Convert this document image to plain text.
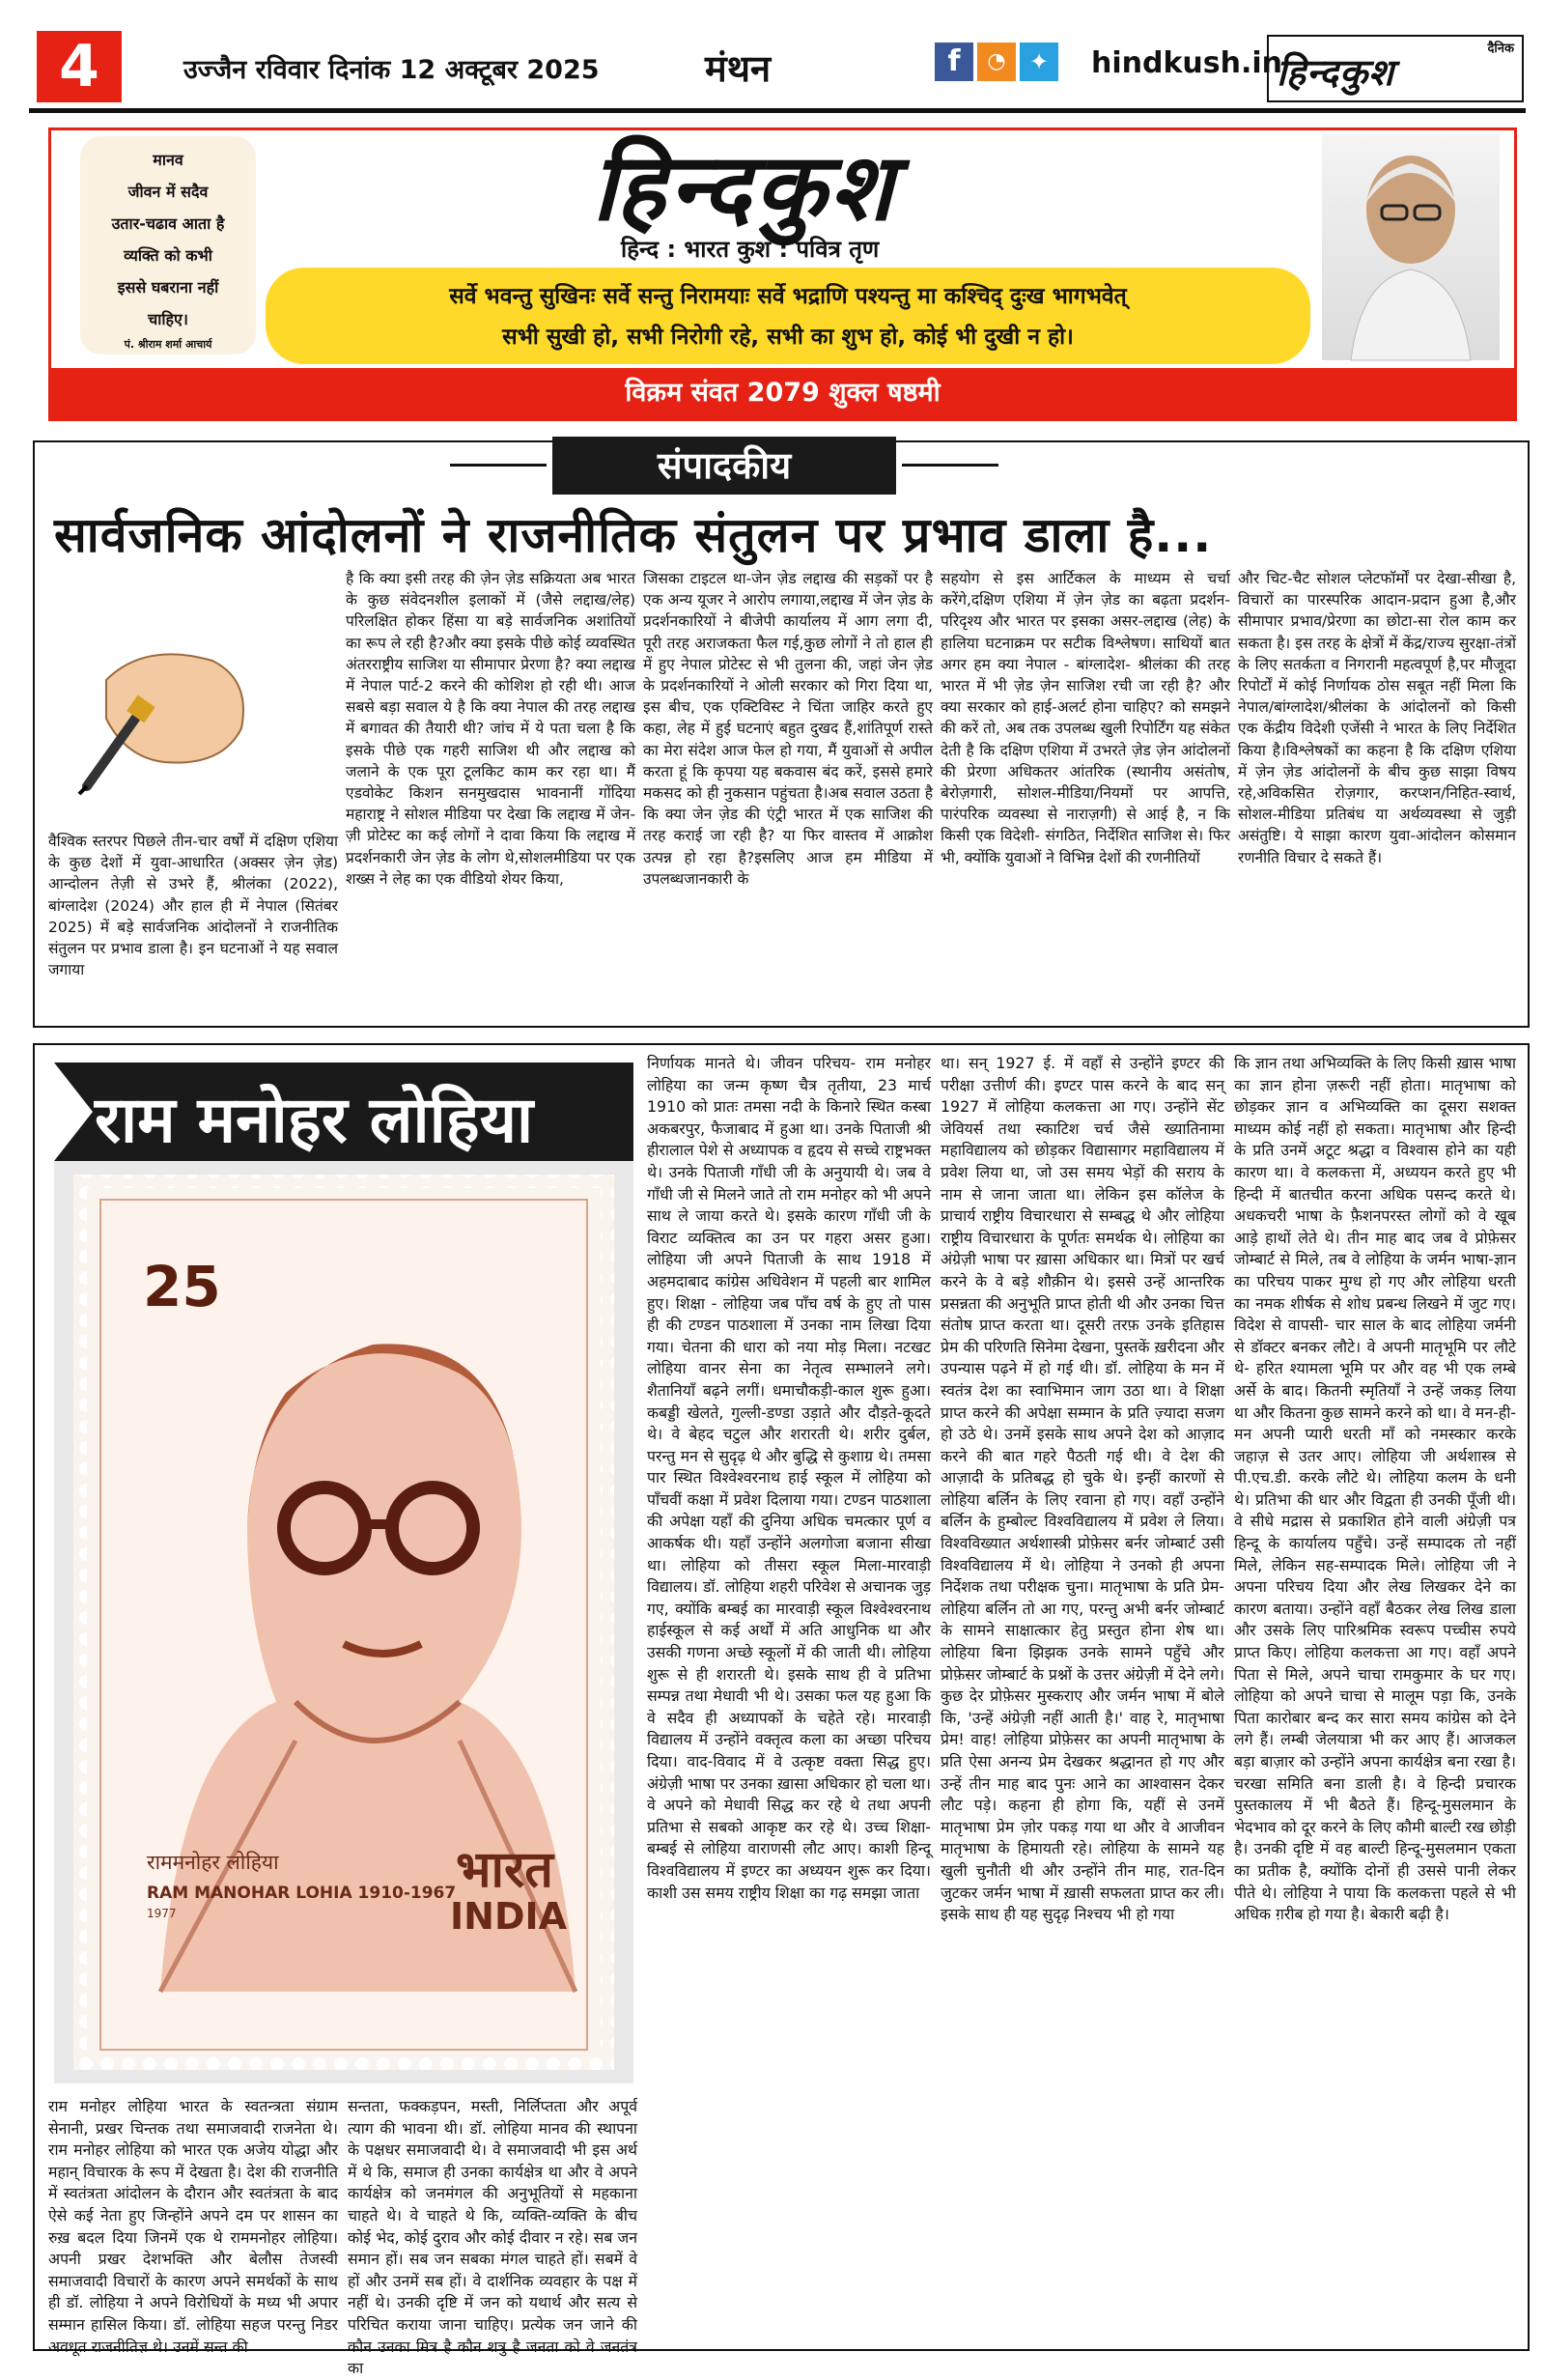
4	उज्जैन रविवार दिनांक 12 अक्टूबर 2025	मंथन	f	◔	✦	hindkush.in	दैनिक
हिन्दकुश
मानव
जीवन में सदैव
उतार-चढाव आता है
व्यक्ति को कभी
इससे घबराना नहीं
चाहिए।
पं. श्रीराम शर्मा आचार्य
हिन्दकुश
हिन्द : भारत कुश : पवित्र तृण
सर्वे भवन्तु सुखिनः सर्वे सन्तु निरामयाः सर्वे भद्राणि पश्यन्तु मा कश्चिद् दुःख भागभवेत्
सभी सुखी हो, सभी निरोगी रहे, सभी का शुभ हो, कोई भी दुखी न हो।
विक्रम संवत 2079 शुक्ल षष्ठमी
संपादकीय
सार्वजनिक आंदोलनों ने राजनीतिक संतुलन पर प्रभाव डाला है...
वैश्विक स्तरपर पिछले तीन-चार वर्षों में दक्षिण एशिया के कुछ देशों में युवा-आधारित (अक्सर ज़ेन ज़ेड) आन्दोलन तेज़ी से उभरे हैं, श्रीलंका (2022), बांग्लादेश (2024) और हाल ही में नेपाल (सितंबर 2025) में बड़े सार्वजनिक आंदोलनों ने राजनीतिक संतुलन पर प्रभाव डाला है। इन घटनाओं ने यह सवाल जगाया
है कि क्या इसी तरह की ज़ेन ज़ेड सक्रियता अब भारत के कुछ संवेदनशील इलाकों में (जैसे लद्दाख/लेह) परिलक्षित होकर हिंसा या बड़े सार्वजनिक अशांतियों का रूप ले रही है?और क्या इसके पीछे कोई व्यवस्थित अंतरराष्ट्रीय साजिश या सीमापार प्रेरणा है? क्या लद्दाख में नेपाल पार्ट-2 करने की कोशिश हो रही थी। आज सबसे बड़ा सवाल ये है कि क्या नेपाल की तरह लद्दाख में बगावत की तैयारी थी? जांच में ये पता चला है कि इसके पीछे एक गहरी साजिश थी और लद्दाख को जलाने के एक पूरा टूलकिट काम कर रहा था। मैं एडवोकेट किशन सनमुखदास भावनानीं गोंदिया महाराष्ट्र ने सोशल मीडिया पर देखा कि लद्दाख में जेन-ज़ी प्रोटेस्ट का कई लोगों ने दावा किया कि लद्दाख में प्रदर्शनकारी जेन ज़ेड के लोग थे,सोशलमीडिया पर एक शख्स ने लेह का एक वीडियो शेयर किया,
जिसका टाइटल था-जेन ज़ेड लद्दाख की सड़कों पर है एक अन्य यूजर ने आरोप लगाया,लद्दाख में जेन ज़ेड के प्रदर्शनकारियों ने बीजेपी कार्यालय में आग लगा दी, पूरी तरह अराजकता फैल गई,कुछ लोगों ने तो हाल ही में हुए नेपाल प्रोटेस्ट से भी तुलना की, जहां जेन ज़ेड के प्रदर्शनकारियों ने ओली सरकार को गिरा दिया था, इस बीच, एक एक्टिविस्ट ने चिंता जाहिर करते हुए कहा, लेह में हुई घटनाएं बहुत दुखद हैं,शांतिपूर्ण रास्ते का मेरा संदेश आज फेल हो गया, मैं युवाओं से अपील करता हूं कि कृपया यह बकवास बंद करें, इससे हमारे मकसद को ही नुकसान पहुंचता है।अब सवाल उठता है कि क्या जेन ज़ेड की एंट्री भारत में एक साजिश की तरह कराई जा रही है? या फिर वास्तव में आक्रोश उत्पन्न हो रहा है?इसलिए आज हम मीडिया में उपलब्धजानकारी के
सहयोग से इस आर्टिकल के माध्यम से चर्चा करेंगे,दक्षिण एशिया में ज़ेन ज़ेड का बढ़ता प्रदर्शन-परिदृश्य और भारत पर इसका असर-लद्दाख (लेह) के हालिया घटनाक्रम पर सटीक विश्लेषण। साथियों बात अगर हम क्या नेपाल - बांग्लादेश- श्रीलंका की तरह भारत में भी ज़ेड ज़ेन साजिश रची जा रही है? और क्या सरकार को हाई-अलर्ट होना चाहिए? को समझने की करें तो, अब तक उपलब्ध खुली रिपोर्टिंग यह संकेत देती है कि दक्षिण एशिया में उभरते ज़ेड ज़ेन आंदोलनों की प्रेरणा अधिकतर आंतरिक (स्थानीय असंतोष, बेरोज़गारी, सोशल-मीडिया/नियमों पर आपत्ति, पारंपरिक व्यवस्था से नाराज़गी) से आई है, न कि किसी एक विदेशी- संगठित, निर्देशित साजिश से। फिर भी, क्योंकि युवाओं ने विभिन्न देशों की रणनीतियों
और चिट-चैट सोशल प्लेटफॉर्मों पर देखा-सीखा है, विचारों का पारस्परिक आदान-प्रदान हुआ है,और सीमापार प्रभाव/प्रेरणा का छोटा-सा रोल काम कर सकता है। इस तरह के क्षेत्रों में केंद्र/राज्य सुरक्षा-तंत्रों के लिए सतर्कता व निगरानी महत्वपूर्ण है,पर मौजूदा रिपोर्टों में कोई निर्णायक ठोस सबूत नहीं मिला कि नेपाल/बांग्लादेश/श्रीलंका के आंदोलनों को किसी एक केंद्रीय विदेशी एजेंसी ने भारत के लिए निर्देशित किया है।विश्लेषकों का कहना है कि दक्षिण एशिया में ज़ेन ज़ेड आंदोलनों के बीच कुछ साझा विषय रहे,अविकसित रोज़गार, करप्शन/निहित-स्वार्थ, सोशल-मीडिया प्रतिबंध या अर्थव्यवस्था से जुड़ी असंतुष्टि। ये साझा कारण युवा-आंदोलन कोसमान रणनीति विचार दे सकते हैं।
राम मनोहर लोहिया
25
राममनोहर लोहिया	भारत
RAM MANOHAR LOHIA 1910-1967
INDIA
1977
राम मनोहर लोहिया भारत के स्वतन्त्रता संग्राम सेनानी, प्रखर चिन्तक तथा समाजवादी राजनेता थे। राम मनोहर लोहिया को भारत एक अजेय योद्धा और महान् विचारक के रूप में देखता है। देश की राजनीति में स्वतंत्रता आंदोलन के दौरान और स्वतंत्रता के बाद ऐसे कई नेता हुए जिन्होंने अपने दम पर शासन का रुख़ बदल दिया जिनमें एक थे राममनोहर लोहिया। अपनी प्रखर देशभक्ति और बेलौस तेजस्वी समाजवादी विचारों के कारण अपने समर्थकों के साथ ही डॉ. लोहिया ने अपने विरोधियों के मध्य भी अपार सम्मान हासिल किया। डॉ. लोहिया सहज परन्तु निडर अवधूत राजनीतिज्ञ थे। उनमें सन्त की
सन्तता, फक्कड़पन, मस्ती, निर्लिप्तता और अपूर्व त्याग की भावना थी। डॉ. लोहिया मानव की स्थापना के पक्षधर समाजवादी थे। वे समाजवादी भी इस अर्थ में थे कि, समाज ही उनका कार्यक्षेत्र था और वे अपने कार्यक्षेत्र को जनमंगल की अनुभूतियों से महकाना चाहते थे। वे चाहते थे कि, व्यक्ति-व्यक्ति के बीच कोई भेद, कोई दुराव और कोई दीवार न रहे। सब जन समान हों। सब जन सबका मंगल चाहते हों। सबमें वे हों और उनमें सब हों। वे दार्शनिक व्यवहार के पक्ष में नहीं थे। उनकी दृष्टि में जन को यथार्थ और सत्य से परिचित कराया जाना चाहिए। प्रत्येक जन जाने की कौन उनका मित्र है कौन शत्रु है जनता को वे जनतंत्र का
निर्णायक मानते थे। जीवन परिचय- राम मनोहर लोहिया का जन्म कृष्ण चैत्र तृतीया, 23 मार्च 1910 को प्रातः तमसा नदी के किनारे स्थित कस्बा अकबरपुर, फैजाबाद में हुआ था। उनके पिताजी श्री हीरालाल पेशे से अध्यापक व हृदय से सच्चे राष्ट्रभक्त थे। उनके पिताजी गाँधी जी के अनुयायी थे। जब वे गाँधी जी से मिलने जाते तो राम मनोहर को भी अपने साथ ले जाया करते थे। इसके कारण गाँधी जी के विराट व्यक्तित्व का उन पर गहरा असर हुआ। लोहिया जी अपने पिताजी के साथ 1918 में अहमदाबाद कांग्रेस अधिवेशन में पहली बार शामिल हुए। शिक्षा - लोहिया जब पाँच वर्ष के हुए तो पास ही की टण्डन पाठशाला में उनका नाम लिखा दिया गया। चेतना की धारा को नया मोड़ मिला। नटखट लोहिया वानर सेना का नेतृत्व सम्भालने लगे। शैतानियाँ बढ़ने लगीं। धमाचौकड़ी-काल शुरू हुआ। कबड्डी खेलते, गुल्ली-डण्डा उड़ाते और दौड़ते-कूदते थे। वे बेहद चटुल और शरारती थे। शरीर दुर्बल, परन्तु मन से सुदृढ़ थे और बुद्धि से कुशाग्र थे। तमसा पार स्थित विश्वेश्वरनाथ हाई स्कूल में लोहिया को पाँचवीं कक्षा में प्रवेश दिलाया गया। टण्डन पाठशाला की अपेक्षा यहाँ की दुनिया अधिक चमत्कार पूर्ण व आकर्षक थी। यहाँ उन्होंने अलगोजा बजाना सीखा था। लोहिया को तीसरा स्कूल मिला-मारवाड़ी विद्यालय। डॉ. लोहिया शहरी परिवेश से अचानक जुड़ गए, क्योंकि बम्बई का मारवाड़ी स्कूल विश्वेश्वरनाथ हाईस्कूल से कई अर्थों में अति आधुनिक था और उसकी गणना अच्छे स्कूलों में की जाती थी। लोहिया शुरू से ही शरारती थे। इसके साथ ही वे प्रतिभा सम्पन्न तथा मेधावी भी थे। उसका फल यह हुआ कि वे सदैव ही अध्यापकों के चहेते रहे। मारवाड़ी विद्यालय में उन्होंने वक्तृत्व कला का अच्छा परिचय दिया। वाद-विवाद में वे उत्कृष्ट वक्ता सिद्ध हुए। अंग्रेज़ी भाषा पर उनका ख़ासा अधिकार हो चला था। वे अपने को मेधावी सिद्ध कर रहे थे तथा अपनी प्रतिभा से सबको आकृष्ट कर रहे थे। उच्च शिक्षा- बम्बई से लोहिया वाराणसी लौट आए। काशी हिन्दू विश्वविद्यालय में इण्टर का अध्ययन शुरू कर दिया। काशी उस समय राष्ट्रीय शिक्षा का गढ़ समझा जाता
था। सन् 1927 ई. में वहाँ से उन्होंने इण्टर की परीक्षा उत्तीर्ण की। इण्टर पास करने के बाद सन् 1927 में लोहिया कलकत्ता आ गए। उन्होंने सेंट जेवियर्स तथा स्काटिश चर्च जैसे ख्यातिनामा महाविद्यालय को छोड़कर विद्यासागर महाविद्यालय में प्रवेश लिया था, जो उस समय भेड़ों की सराय के नाम से जाना जाता था। लेकिन इस कॉलेज के प्राचार्य राष्ट्रीय विचारधारा से सम्बद्ध थे और लोहिया राष्ट्रीय विचारधारा के पूर्णतः समर्थक थे। लोहिया का अंग्रेज़ी भाषा पर ख़ासा अधिकार था। मित्रों पर खर्च करने के वे बड़े शौक़ीन थे। इससे उन्हें आन्तरिक प्रसन्नता की अनुभूति प्राप्त होती थी और उनका चित्त संतोष प्राप्त करता था। दूसरी तरफ़ उनके इतिहास प्रेम की परिणति सिनेमा देखना, पुस्तकें ख़रीदना और उपन्यास पढ़ने में हो गई थी। डॉ. लोहिया के मन में स्वतंत्र देश का स्वाभिमान जाग उठा था। वे शिक्षा प्राप्त करने की अपेक्षा सम्मान के प्रति ज़्यादा सजग हो उठे थे। उनमें इसके साथ अपने देश को आज़ाद करने की बात गहरे पैठती गई थी। वे देश की आज़ादी के प्रतिबद्ध हो चुके थे। इन्हीं कारणों से लोहिया बर्लिन के लिए रवाना हो गए। वहाँ उन्होंने बर्लिन के हुम्बोल्ट विश्वविद्यालय में प्रवेश ले लिया। विश्वविख्यात अर्थशास्त्री प्रोफ़ेसर बर्नर जोम्बार्ट उसी विश्वविद्यालय में थे। लोहिया ने उनको ही अपना निर्देशक तथा परीक्षक चुना। मातृभाषा के प्रति प्रेम- लोहिया बर्लिन तो आ गए, परन्तु अभी बर्नर जोम्बार्ट के सामने साक्षात्कार हेतु प्रस्तुत होना शेष था। लोहिया बिना झिझक उनके सामने पहुँचे और प्रोफ़ेसर जोम्बार्ट के प्रश्नों के उत्तर अंग्रेज़ी में देने लगे। कुछ देर प्रोफ़ेसर मुस्कराए और जर्मन भाषा में बोले कि, 'उन्हें अंग्रेज़ी नहीं आती है।' वाह रे, मातृभाषा प्रेम! वाह! लोहिया प्रोफ़ेसर का अपनी मातृभाषा के प्रति ऐसा अनन्य प्रेम देखकर श्रद्धानत हो गए और उन्हें तीन माह बाद पुनः आने का आश्वासन देकर लौट पड़े। कहना ही होगा कि, यहीं से उनमें मातृभाषा प्रेम ज़ोर पकड़ गया था और वे आजीवन मातृभाषा के हिमायती रहे। लोहिया के सामने यह खुली चुनौती थी और उन्होंने तीन माह, रात-दिन जुटकर जर्मन भाषा में ख़ासी सफलता प्राप्त कर ली। इसके साथ ही यह सुदृढ़ निश्चय भी हो गया
कि ज्ञान तथा अभिव्यक्ति के लिए किसी ख़ास भाषा का ज्ञान होना ज़रूरी नहीं होता। मातृभाषा को छोड़कर ज्ञान व अभिव्यक्ति का दूसरा सशक्त माध्यम कोई नहीं हो सकता। मातृभाषा और हिन्दी के प्रति उनमें अटूट श्रद्धा व विश्वास होने का यही कारण था। वे कलकत्ता में, अध्ययन करते हुए भी हिन्दी में बातचीत करना अधिक पसन्द करते थे। अधकचरी भाषा के फ़ैशनपरस्त लोगों को वे खूब आड़े हाथों लेते थे। तीन माह बाद जब वे प्रोफ़ेसर जोम्बार्ट से मिले, तब वे लोहिया के जर्मन भाषा-ज्ञान का परिचय पाकर मुग्ध हो गए और लोहिया धरती का नमक शीर्षक से शोध प्रबन्ध लिखने में जुट गए। विदेश से वापसी- चार साल के बाद लोहिया जर्मनी से डॉक्टर बनकर लौटे। वे अपनी मातृभूमि पर लौटे थे- हरित श्यामला भूमि पर और वह भी एक लम्बे अर्से के बाद। कितनी स्मृतियाँ ने उन्हें जकड़ लिया था और कितना कुछ सामने करने को था। वे मन-ही-मन अपनी प्यारी धरती माँ को नमस्कार करके जहाज़ से उतर आए। लोहिया जी अर्थशास्त्र से पी.एच.डी. करके लौटे थे। लोहिया कलम के धनी थे। प्रतिभा की धार और विद्वता ही उनकी पूँजी थी। वे सीधे मद्रास से प्रकाशित होने वाली अंग्रेज़ी पत्र हिन्दू के कार्यालय पहुँचे। उन्हें सम्पादक तो नहीं मिले, लेकिन सह-सम्पादक मिले। लोहिया जी ने अपना परिचय दिया और लेख लिखकर देने का कारण बताया। उन्होंने वहाँ बैठकर लेख लिख डाला और उसके लिए पारिश्रमिक स्वरूप पच्चीस रुपये प्राप्त किए। लोहिया कलकत्ता आ गए। वहाँ अपने पिता से मिले, अपने चाचा रामकुमार के घर गए। लोहिया को अपने चाचा से मालूम पड़ा कि, उनके पिता कारोबार बन्द कर सारा समय कांग्रेस को देने लगे हैं। लम्बी जेलयात्रा भी कर आए हैं। आजकल बड़ा बाज़ार को उन्होंने अपना कार्यक्षेत्र बना रखा है। चरखा समिति बना डाली है। वे हिन्दी प्रचारक पुस्तकालय में भी बैठते हैं। हिन्दू-मुसलमान के भेदभाव को दूर करने के लिए कौमी बाल्टी रख छोड़ी है। उनकी दृष्टि में वह बाल्टी हिन्दू-मुसलमान एकता का प्रतीक है, क्योंकि दोनों ही उससे पानी लेकर पीते थे। लोहिया ने पाया कि कलकत्ता पहले से भी अधिक ग़रीब हो गया है। बेकारी बढ़ी है।
